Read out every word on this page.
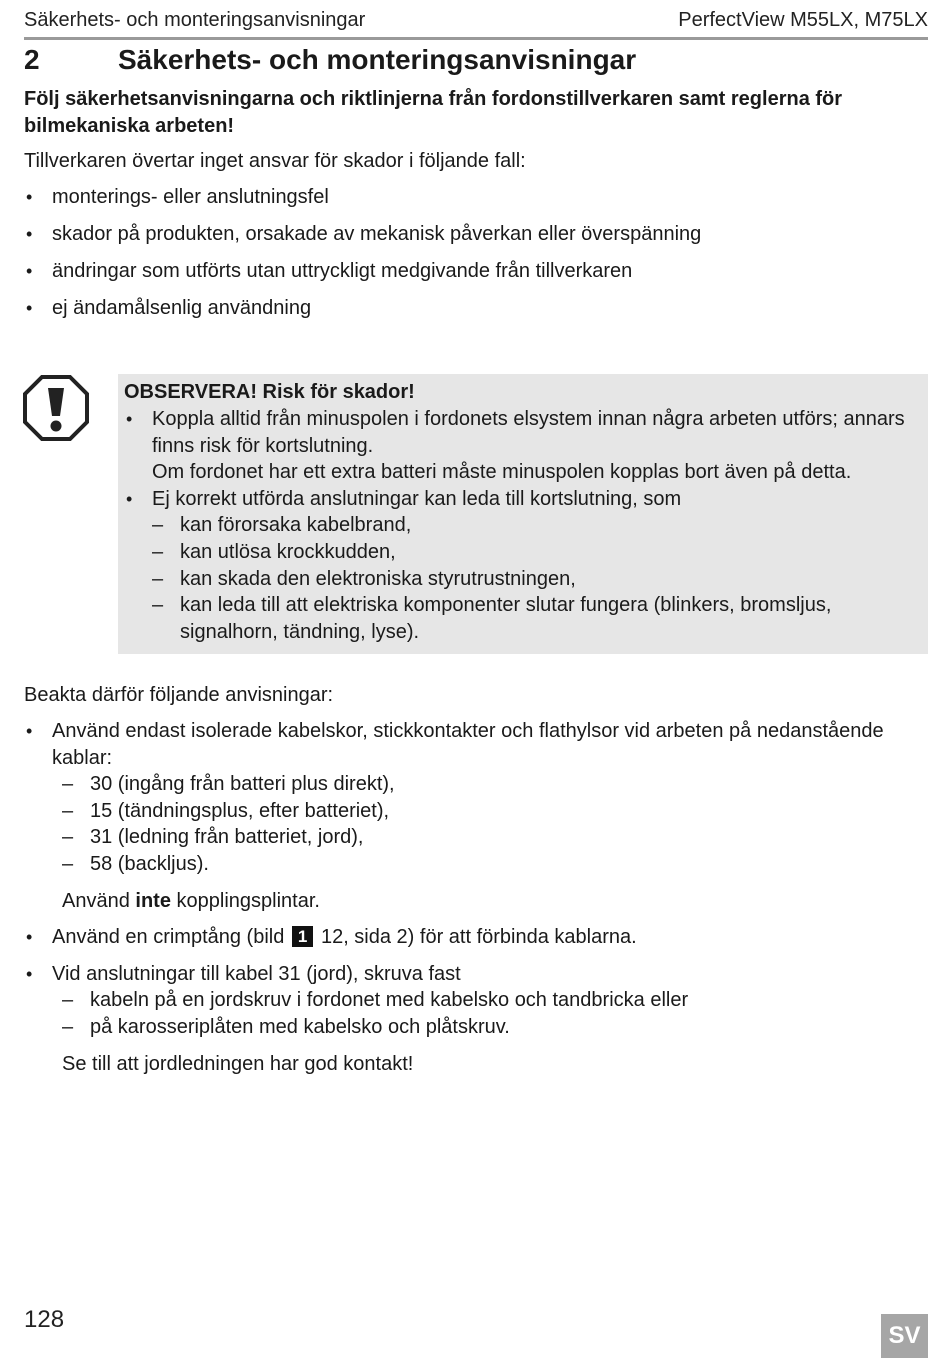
Säkerhets- och monteringsanvisningar	PerfectView M55LX, M75LX
2	Säkerhets- och monteringsanvisningar
Följ säkerhetsanvisningarna och riktlinjerna från fordonstillverkaren samt reglerna för bilmekaniska arbeten!
Tillverkaren övertar inget ansvar för skador i följande fall:
• monterings- eller anslutningsfel
• skador på produkten, orsakade av mekanisk påverkan eller överspänning
• ändringar som utförts utan uttryckligt medgivande från tillverkaren
• ej ändamålsenlig användning
OBSERVERA! Risk för skador!
• Koppla alltid från minuspolen i fordonets elsystem innan några arbeten utförs; annars finns risk för kortslutning.
Om fordonet har ett extra batteri måste minuspolen kopplas bort även på detta.
• Ej korrekt utförda anslutningar kan leda till kortslutning, som
– kan förorsaka kabelbrand,
– kan utlösa krockkudden,
– kan skada den elektroniska styrutrustningen,
– kan leda till att elektriska komponenter slutar fungera (blinkers, bromsljus, signalhorn, tändning, lyse).
Beakta därför följande anvisningar:
• Använd endast isolerade kabelskor, stickkontakter och flathylsor vid arbeten på nedanstående kablar:
– 30 (ingång från batteri plus direkt),
– 15 (tändningsplus, efter batteriet),
– 31 (ledning från batteriet, jord),
– 58 (backljus).
Använd inte kopplingsplintar.
• Använd en crimptång (bild 1 12, sida 2) för att förbinda kablarna.
• Vid anslutningar till kabel 31 (jord), skruva fast
– kabeln på en jordskruv i fordonet med kabelsko och tandbricka eller
– på karosseriplåten med kabelsko och plåtskruv.
Se till att jordledningen har god kontakt!
128
SV
